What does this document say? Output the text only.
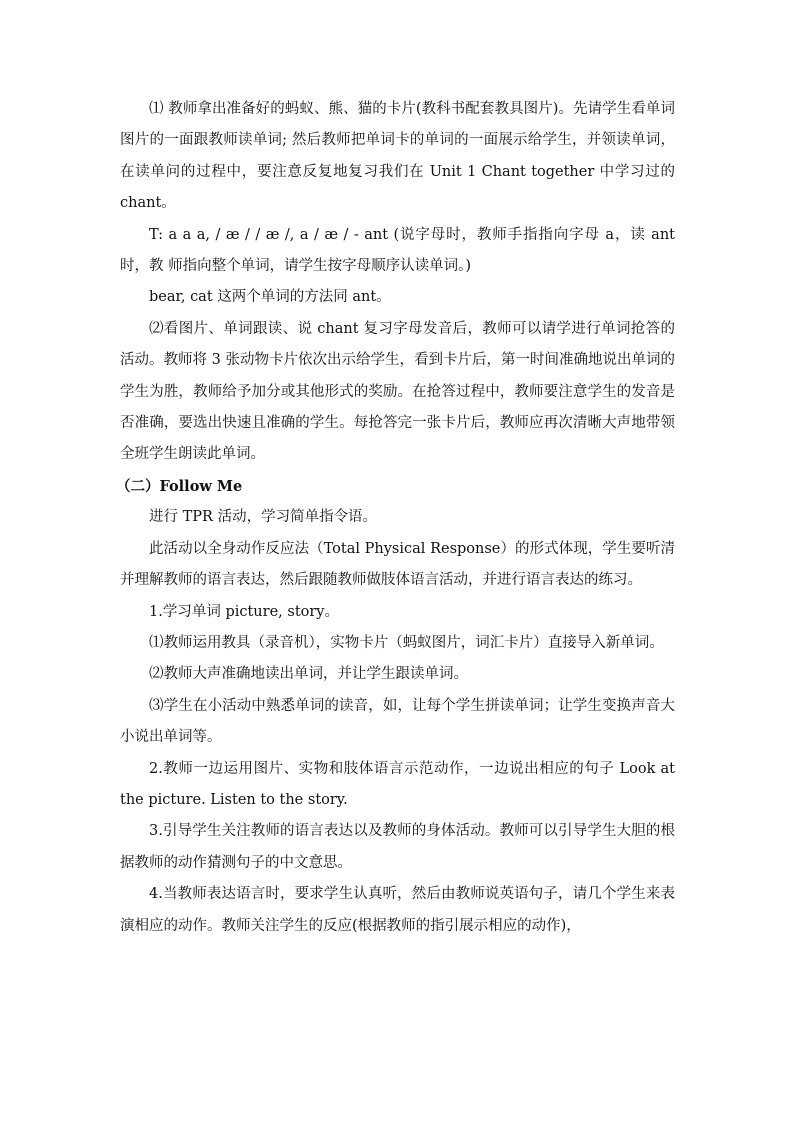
⑴ 教师拿出准备好的蚂蚁、熊、猫的卡片(教科书配套教具图片)。先请学生看单词图片的一面跟教师读单词; 然后教师把单词卡的单词的一面展示给学生，并领读单词，在读单问的过程中，要注意反复地复习我们在 Unit 1 Chant together 中学习过的 chant。

T: a a a, / æ / / æ /, a / æ / - ant (说字母时，教师手指指向字母 a，读 ant 时，教 师指向整个单词，请学生按字母顺序认读单词。)

bear, cat 这两个单词的方法同 ant。

⑵看图片、单词跟读、说 chant 复习字母发音后，教师可以请学进行单词抢答的活动。教师将 3 张动物卡片依次出示给学生，看到卡片后，第一时间准确地说出单词的学生为胜，教师给予加分或其他形式的奖励。在抢答过程中，教师要注意学生的发音是否准确，要选出快速且准确的学生。每抢答完一张卡片后，教师应再次清晰大声地带领全班学生朗读此单词。

（二）Follow Me

进行 TPR 活动，学习简单指令语。

此活动以全身动作反应法（Total Physical Response）的形式体现，学生要听清并理解教师的语言表达，然后跟随教师做肢体语言活动，并进行语言表达的练习。

1.学习单词 picture, story。

⑴教师运用教具（录音机），实物卡片（蚂蚁图片，词汇卡片）直接导入新单词。

⑵教师大声准确地读出单词，并让学生跟读单词。

⑶学生在小活动中熟悉单词的读音，如，让每个学生拼读单词；让学生变换声音大小说出单词等。

2.教师一边运用图片、实物和肢体语言示范动作，一边说出相应的句子 Look at the picture. Listen to the story.

3.引导学生关注教师的语言表达以及教师的身体活动。教师可以引导学生大胆的根据教师的动作猜测句子的中文意思。

4.当教师表达语言时，要求学生认真听，然后由教师说英语句子，请几个学生来表演相应的动作。教师关注学生的反应(根据教师的指引展示相应的动作)，
